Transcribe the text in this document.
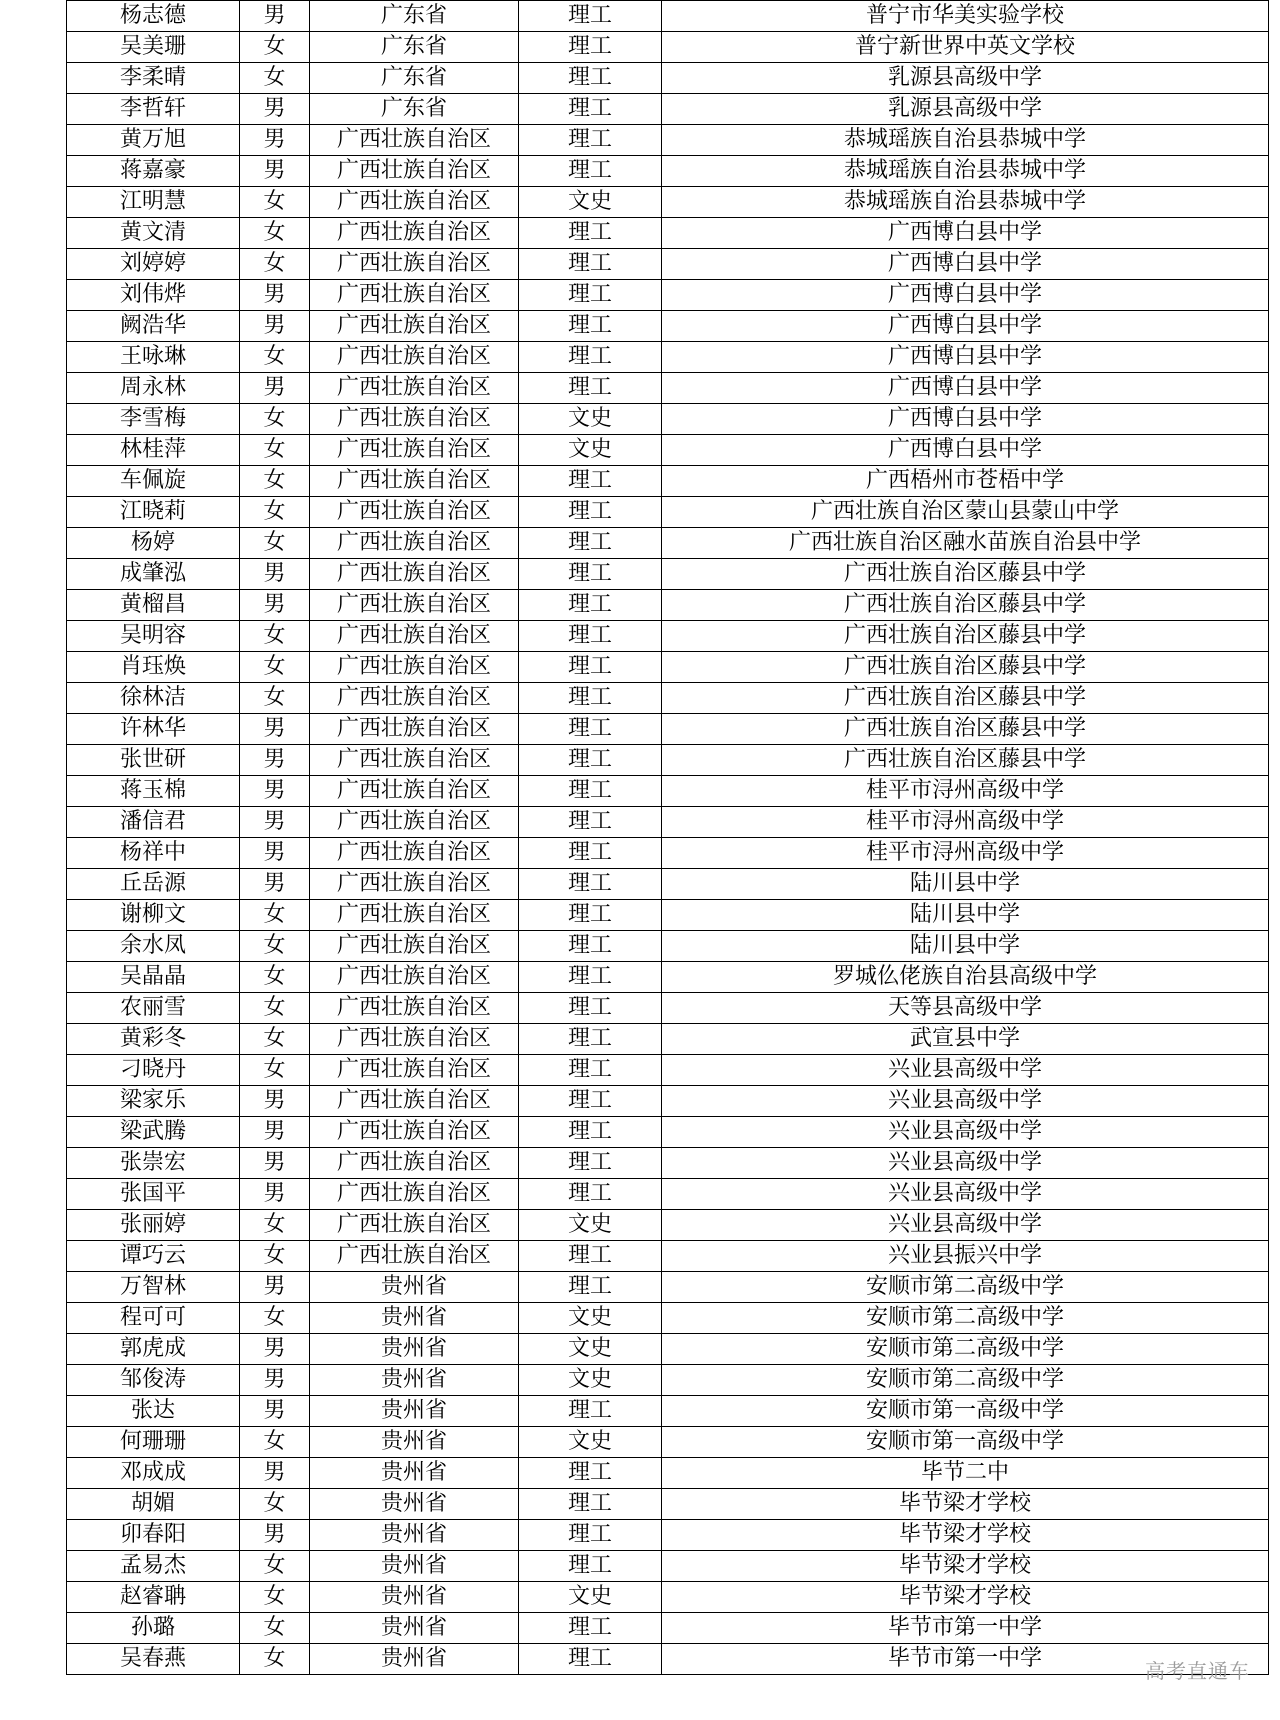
杨志德	男	广东省	理工	普宁市华美实验学校
吴美珊	女	广东省	理工	普宁新世界中英文学校
李柔晴	女	广东省	理工	乳源县高级中学
李哲轩	男	广东省	理工	乳源县高级中学
黄万旭	男	广西壮族自治区	理工	恭城瑶族自治县恭城中学
蒋嘉豪	男	广西壮族自治区	理工	恭城瑶族自治县恭城中学
江明慧	女	广西壮族自治区	文史	恭城瑶族自治县恭城中学
黄文清	女	广西壮族自治区	理工	广西博白县中学
刘婷婷	女	广西壮族自治区	理工	广西博白县中学
刘伟烨	男	广西壮族自治区	理工	广西博白县中学
阙浩华	男	广西壮族自治区	理工	广西博白县中学
王咏琳	女	广西壮族自治区	理工	广西博白县中学
周永林	男	广西壮族自治区	理工	广西博白县中学
李雪梅	女	广西壮族自治区	文史	广西博白县中学
林桂萍	女	广西壮族自治区	文史	广西博白县中学
车佩旋	女	广西壮族自治区	理工	广西梧州市苍梧中学
江晓莉	女	广西壮族自治区	理工	广西壮族自治区蒙山县蒙山中学
杨婷	女	广西壮族自治区	理工	广西壮族自治区融水苗族自治县中学
成肇泓	男	广西壮族自治区	理工	广西壮族自治区藤县中学
黄榴昌	男	广西壮族自治区	理工	广西壮族自治区藤县中学
吴明容	女	广西壮族自治区	理工	广西壮族自治区藤县中学
肖珏焕	女	广西壮族自治区	理工	广西壮族自治区藤县中学
徐林洁	女	广西壮族自治区	理工	广西壮族自治区藤县中学
许林华	男	广西壮族自治区	理工	广西壮族自治区藤县中学
张世研	男	广西壮族自治区	理工	广西壮族自治区藤县中学
蒋玉棉	男	广西壮族自治区	理工	桂平市浔州高级中学
潘信君	男	广西壮族自治区	理工	桂平市浔州高级中学
杨祥中	男	广西壮族自治区	理工	桂平市浔州高级中学
丘岳源	男	广西壮族自治区	理工	陆川县中学
谢柳文	女	广西壮族自治区	理工	陆川县中学
余水凤	女	广西壮族自治区	理工	陆川县中学
吴晶晶	女	广西壮族自治区	理工	罗城仫佬族自治县高级中学
农丽雪	女	广西壮族自治区	理工	天等县高级中学
黄彩冬	女	广西壮族自治区	理工	武宣县中学
刁晓丹	女	广西壮族自治区	理工	兴业县高级中学
梁家乐	男	广西壮族自治区	理工	兴业县高级中学
梁武腾	男	广西壮族自治区	理工	兴业县高级中学
张崇宏	男	广西壮族自治区	理工	兴业县高级中学
张国平	男	广西壮族自治区	理工	兴业县高级中学
张丽婷	女	广西壮族自治区	文史	兴业县高级中学
谭巧云	女	广西壮族自治区	理工	兴业县振兴中学
万智林	男	贵州省	理工	安顺市第二高级中学
程可可	女	贵州省	文史	安顺市第二高级中学
郭虎成	男	贵州省	文史	安顺市第二高级中学
邹俊涛	男	贵州省	文史	安顺市第二高级中学
张达	男	贵州省	理工	安顺市第一高级中学
何珊珊	女	贵州省	文史	安顺市第一高级中学
邓成成	男	贵州省	理工	毕节二中
胡媚	女	贵州省	理工	毕节梁才学校
卯春阳	男	贵州省	理工	毕节梁才学校
孟易杰	女	贵州省	理工	毕节梁才学校
赵睿聃	女	贵州省	文史	毕节梁才学校
孙璐	女	贵州省	理工	毕节市第一中学
吴春燕	女	贵州省	理工	毕节市第一中学	高考直通车
